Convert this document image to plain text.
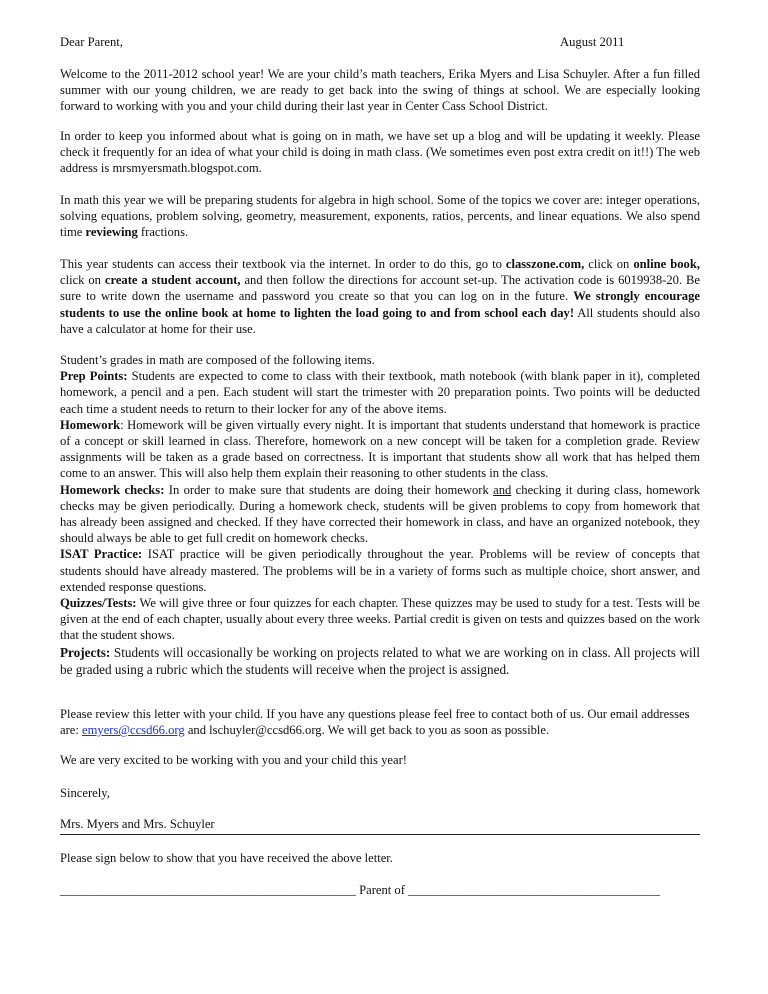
Dear Parent,	August 2011

Welcome to the 2011-2012 school year! We are your child’s math teachers, Erika Myers and Lisa Schuyler. After a fun filled summer with our young children, we are ready to get back into the swing of things at school. We are especially looking forward to working with you and your child during their last year in Center Cass School District.

In order to keep you informed about what is going on in math, we have set up a blog and will be updating it weekly. Please check it frequently for an idea of what your child is doing in math class. (We sometimes even post extra credit on it!!) The web address is mrsmyersmath.blogspot.com.

In math this year we will be preparing students for algebra in high school. Some of the topics we cover are: integer operations, solving equations, problem solving, geometry, measurement, exponents, ratios, percents, and linear equations. We also spend time reviewing fractions.

This year students can access their textbook via the internet. In order to do this, go to classzone.com, click on online book, click on create a student account, and then follow the directions for account set-up. The activation code is 6019938-20. Be sure to write down the username and password you create so that you can log on in the future. We strongly encourage students to use the online book at home to lighten the load going to and from school each day! All students should also have a calculator at home for their use.

Student’s grades in math are composed of the following items.
Prep Points: Students are expected to come to class with their textbook, math notebook (with blank paper in it), completed homework, a pencil and a pen. Each student will start the trimester with 20 preparation points. Two points will be deducted each time a student needs to return to their locker for any of the above items.
Homework: Homework will be given virtually every night. It is important that students understand that homework is practice of a concept or skill learned in class. Therefore, homework on a new concept will be taken for a completion grade. Review assignments will be taken as a grade based on correctness. It is important that students show all work that has helped them come to an answer. This will also help them explain their reasoning to other students in the class.
Homework checks: In order to make sure that students are doing their homework and checking it during class, homework checks may be given periodically. During a homework check, students will be given problems to copy from homework that has already been assigned and checked. If they have corrected their homework in class, and have an organized notebook, they should always be able to get full credit on homework checks.
ISAT Practice: ISAT practice will be given periodically throughout the year. Problems will be review of concepts that students should have already mastered. The problems will be in a variety of forms such as multiple choice, short answer, and extended response questions.
Quizzes/Tests: We will give three or four quizzes for each chapter. These quizzes may be used to study for a test. Tests will be given at the end of each chapter, usually about every three weeks. Partial credit is given on tests and quizzes based on the work that the student shows.
Projects: Students will occasionally be working on projects related to what we are working on in class. All projects will be graded using a rubric which the students will receive when the project is assigned.

Please review this letter with your child. If you have any questions please feel free to contact both of us. Our email addresses are: emyers@ccsd66.org and lschuyler@ccsd66.org. We will get back to you as soon as possible.

We are very excited to be working with you and your child this year!

Sincerely,

Mrs. Myers and Mrs. Schuyler

Please sign below to show that you have received the above letter.

_______________________________________________ Parent of ________________________________________
